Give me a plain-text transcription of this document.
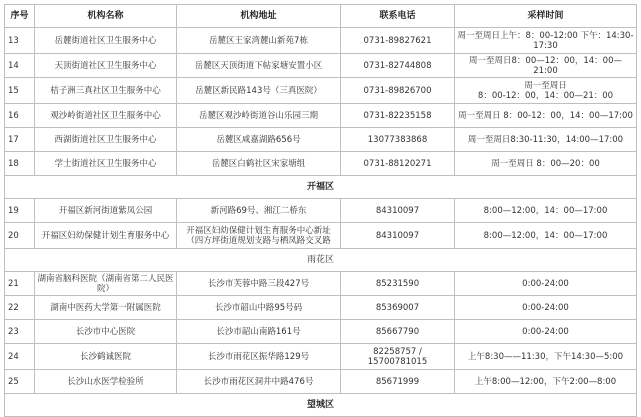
序号	机构名称	机构地址	联系电话	采样时间
13	岳麓街道社区卫生服务中心	岳麓区王家湾麓山新苑7栋	0731-89827621	周一至周日上午：8：00-12:00 下午：14:30-
17:30

14	天顶街道社区卫生服务中心	岳麓区天顶街道下帖家塘安置小区	0731-82744808	周一至周日8：00—12：00，14：00—21:00
15	桔子洲三真社区卫生服务中心	岳麓区新民路143号（三真医院）	0731-89826700	周一至周日
8：00-12：00，14：00—21：00

16	观沙岭街道社区卫生服务中心	岳麓区观沙岭街道谷山乐园三期	0731-82235158	周一至周日 8：00-12：00，14：00—17:00
17	西湖街道社区卫生服务中心	岳麓区咸嘉湖路656号	13077383868	周一至周日8:30-11:30，14:00—17:00
18	学士街道社区卫生服务中心	岳麓区白鹤社区宋家塘组	0731-88120271	周一至周日 8：00—20：00
开福区				
19	开福区新河街道紫凤公园	新河路69号、湘江二桥东	84310097	8:00—12:00，14：00—17:00
20	开福区妇幼保健计划生育服务中心	开福区妇幼保健计划生育服务中心新址
（四方坪街道规划支路与栖凤路交叉路	84310097	8:00—12:00，14：00—17:00
雨花区				
21	湖南省脑科医院（湖南省第二人民医院）	长沙市芙蓉中路三段427号	85231590	0:00-24:00
22	湖南中医药大学第一附属医院	长沙市韶山中路95号码	85369007	0:00-24:00
23	长沙市中心医院	长沙市韶山南路161号	85667790	0:00-24:00
24	长沙鹤诚医院	长沙市雨花区振华路129号	82258757 / 15700781015	上午8:30——11:30，下午14:30—5:00
25	长沙山水医学检验所	长沙市雨花区洞井中路476号	85671999	上午8:00—12:00，下午2:00—8:00
望城区				
